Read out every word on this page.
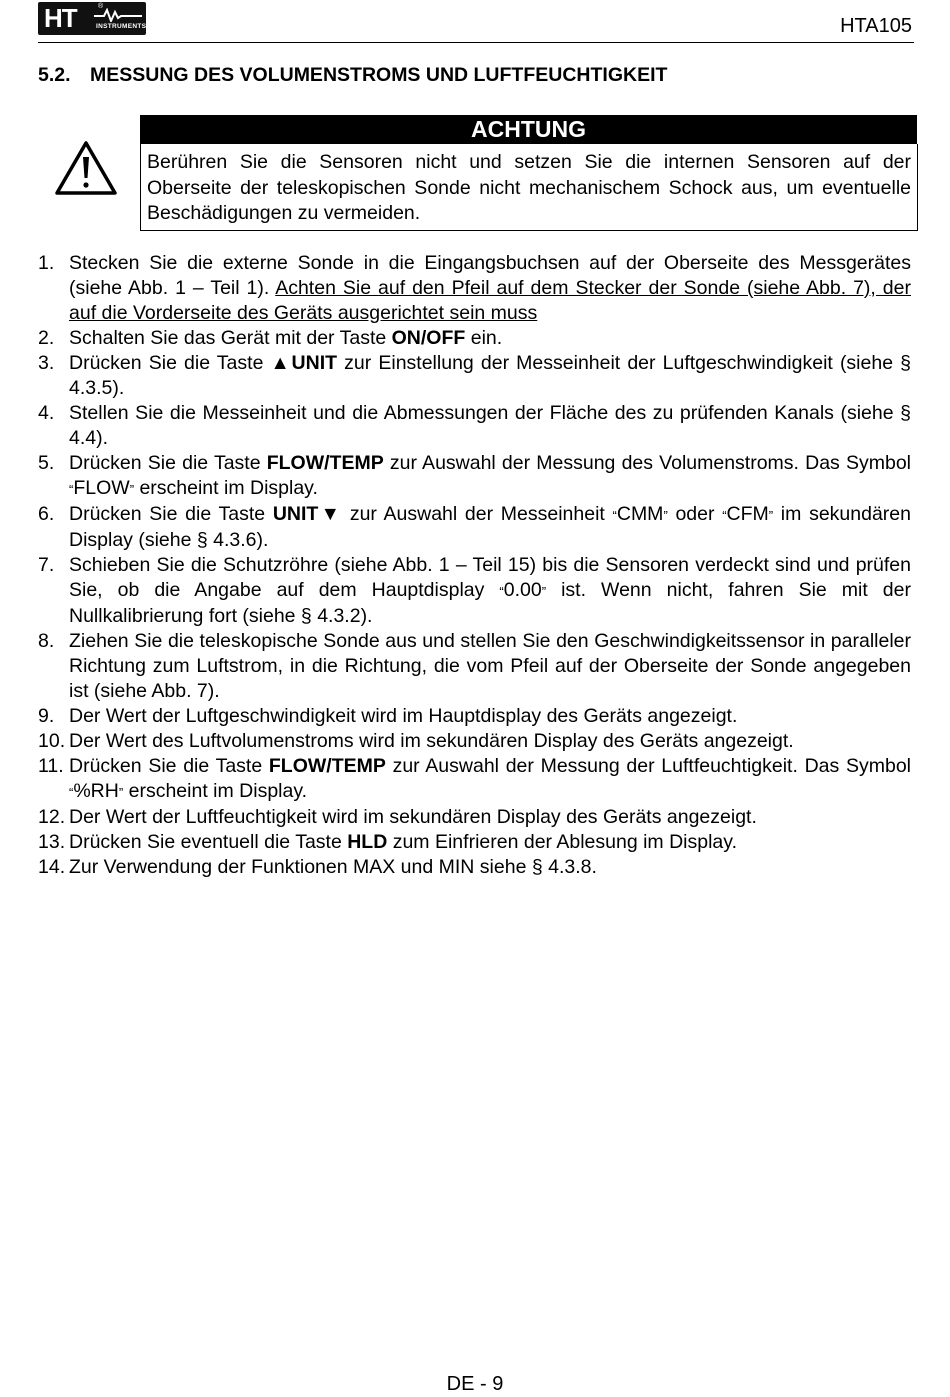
HT	®
INSTRUMENTS	HTA105
5.2. MESSUNG DES VOLUMENSTROMS UND LUFTFEUCHTIGKEIT
ACHTUNG
Berühren Sie die Sensoren nicht und setzen Sie die internen Sensoren auf der Oberseite der teleskopischen Sonde nicht mechanischem Schock aus, um eventuelle Beschädigungen zu vermeiden.
1. Stecken Sie die externe Sonde in die Eingangsbuchsen auf der Oberseite des Messgerätes (siehe Abb. 1 – Teil 1). Achten Sie auf den Pfeil auf dem Stecker der Sonde (siehe Abb. 7), der auf die Vorderseite des Geräts ausgerichtet sein muss
2. Schalten Sie das Gerät mit der Taste ON/OFF ein.
3. Drücken Sie die Taste ▲UNIT zur Einstellung der Messeinheit der Luftgeschwindigkeit (siehe § 4.3.5).
4. Stellen Sie die Messeinheit und die Abmessungen der Fläche des zu prüfenden Kanals (siehe § 4.4).
5. Drücken Sie die Taste FLOW/TEMP zur Auswahl der Messung des Volumenstroms. Das Symbol “FLOW” erscheint im Display.
6. Drücken Sie die Taste UNIT▼ zur Auswahl der Messeinheit “CMM” oder “CFM” im sekundären Display (siehe § 4.3.6).
7. Schieben Sie die Schutzröhre (siehe Abb. 1 – Teil 15) bis die Sensoren verdeckt sind und prüfen Sie, ob die Angabe auf dem Hauptdisplay “0.00” ist. Wenn nicht, fahren Sie mit der Nullkalibrierung fort (siehe § 4.3.2).
8. Ziehen Sie die teleskopische Sonde aus und stellen Sie den Geschwindigkeitssensor in paralleler Richtung zum Luftstrom, in die Richtung, die vom Pfeil auf der Oberseite der Sonde angegeben ist (siehe Abb. 7).
9. Der Wert der Luftgeschwindigkeit wird im Hauptdisplay des Geräts angezeigt.
10. Der Wert des Luftvolumenstroms wird im sekundären Display des Geräts angezeigt.
11. Drücken Sie die Taste FLOW/TEMP zur Auswahl der Messung der Luftfeuchtigkeit. Das Symbol “%RH” erscheint im Display.
12. Der Wert der Luftfeuchtigkeit wird im sekundären Display des Geräts angezeigt.
13. Drücken Sie eventuell die Taste HLD zum Einfrieren der Ablesung im Display.
14. Zur Verwendung der Funktionen MAX und MIN siehe § 4.3.8.
DE - 9
